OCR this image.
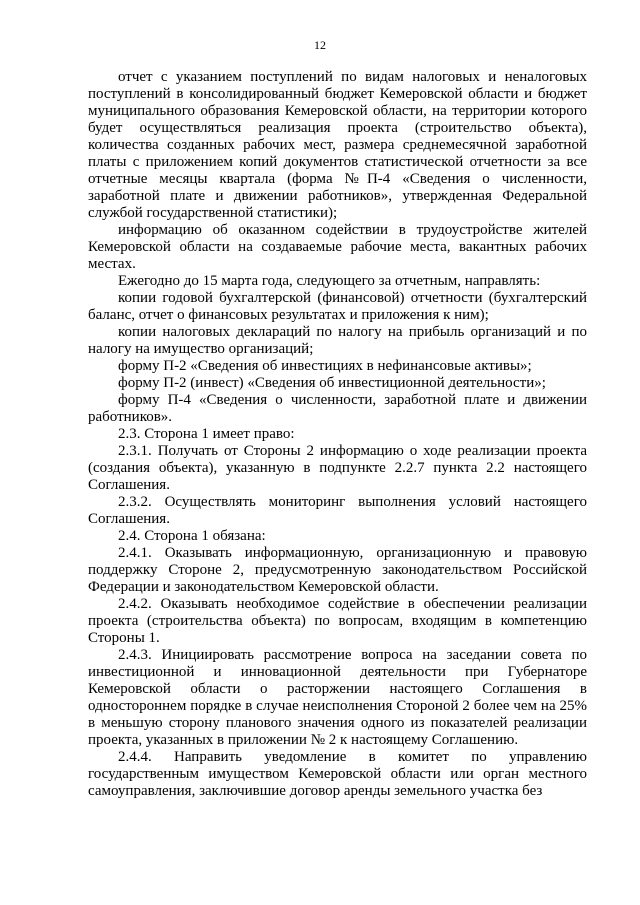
12

отчет с указанием поступлений по видам налоговых и неналоговых поступлений в консолидированный бюджет Кемеровской области и бюджет муниципального образования Кемеровской области, на территории которого будет осуществляться реализация проекта (строительство объекта), количества созданных рабочих мест, размера среднемесячной заработной платы с приложением копий документов статистической отчетности за все отчетные месяцы квартала (форма №П-4 «Сведения о численности, заработной плате и движении работников», утвержденная Федеральной службой государственной статистики);

информацию об оказанном содействии в трудоустройстве жителей Кемеровской области на создаваемые рабочие места, вакантных рабочих местах.

Ежегодно до 15 марта года, следующего за отчетным, направлять:

копии годовой бухгалтерской (финансовой) отчетности (бухгалтерский баланс, отчет о финансовых результатах и приложения к ним);

копии налоговых деклараций по налогу на прибыль организаций и по налогу на имущество организаций;

форму П-2 «Сведения об инвестициях в нефинансовые активы»;

форму П-2 (инвест) «Сведения об инвестиционной деятельности»;

форму П-4 «Сведения о численности, заработной плате и движении работников».

2.3. Сторона 1 имеет право:

2.3.1. Получать от Стороны 2 информацию о ходе реализации проекта (создания объекта), указанную в подпункте 2.2.7 пункта 2.2 настоящего Соглашения.

2.3.2. Осуществлять мониторинг выполнения условий настоящего Соглашения.

2.4. Сторона 1 обязана:

2.4.1. Оказывать информационную, организационную и правовую поддержку Стороне 2, предусмотренную законодательством Российской Федерации и законодательством Кемеровской области.

2.4.2. Оказывать необходимое содействие в обеспечении реализации проекта (строительства объекта) по вопросам, входящим в компетенцию Стороны 1.

2.4.3. Инициировать рассмотрение вопроса на заседании совета по инвестиционной и инновационной деятельности при Губернаторе Кемеровской области о расторжении настоящего Соглашения в одностороннем порядке в случае неисполнения Стороной 2 более чем на 25% в меньшую сторону планового значения одного из показателей реализации проекта, указанных в приложении № 2 к настоящему Соглашению.

2.4.4. Направить уведомление в комитет по управлению государственным имуществом Кемеровской области или орган местного самоуправления, заключившие договор аренды земельного участка без
